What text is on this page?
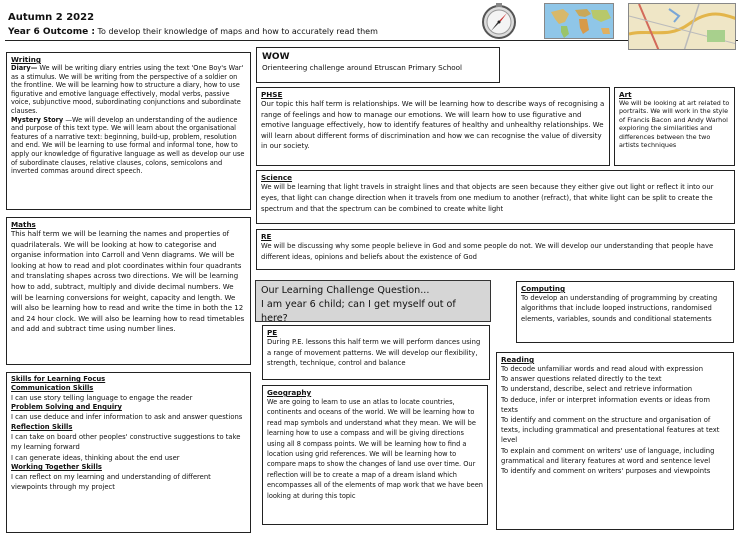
Autumn 2 2022
Year 6 Outcome : To develop their knowledge of maps and how to accurately read them
Writing
Diary— We will be writing diary entries using the text 'One Boy's War' as a stimulus. We will be writing from the perspective of a soldier on the frontline. We will be learning how to structure a diary, how to use figurative and emotive language effectively, modal verbs, passive voice, subjunctive mood, subordinating conjunctions and subordinate clauses.
Mystery Story —We will develop an understanding of the audience and purpose of this text type. We will learn about the organisational features of a narrative text: beginning, build-up, problem, resolution and end. We will be learning to use formal and informal tone, how to apply our knowledge of figurative language as well as develop our use of subordinate clauses, relative clauses, colons, semicolons and inverted commas around direct speech.
WOW
Orienteering challenge around Etruscan Primary School
PHSE
Our topic this half term is relationships. We will be learning how to describe ways of recognising a range of feelings and how to manage our emotions. We will learn how to use figurative and emotive language effectively, how to identify features of healthy and unhealthy relationships. We will learn about different forms of discrimination and how we can recognise the value of diversity in our society.
Art
We will be looking at art related to portraits. We will work in the style of Francis Bacon and Andy Warhol exploring the similarities and differences between the two artists techniques
Science
We will be learning that light travels in straight lines and that objects are seen because they either give out light or reflect it into our eyes, that light can change direction when it travels from one medium to another (refract), that white light can be split to create the spectrum and that the spectrum can be combined to create white light
RE
We will be discussing why some people believe in God and some people do not. We will develop our understanding that people have different ideas, opinions and beliefs about the existence of God
Maths
This half term we will be learning the names and properties of quadrilaterals. We will be looking at how to categorise and organise information into Carroll and Venn diagrams. We will be looking at how to read and plot coordinates within four quadrants and translating shapes across two directions. We will be learning how to add, subtract, multiply and divide decimal numbers. We will be learning conversions for weight, capacity and length. We will also be learning how to read and write the time in both the 12 and 24 hour clock. We will also be learning how to read timetables and add and subtract time using number lines.
Our Learning Challenge Question...
I am year 6 child; can I get myself out of here?
Computing
To develop an understanding of programming by creating algorithms that include looped instructions, randomised elements, variables, sounds and conditional statements
PE
During P.E. lessons this half term we will perform dances using a range of movement patterns. We will develop our flexibility, strength, technique, control and balance
Skills for Learning Focus
Communication Skills
I can use story telling language to engage the reader
Problem Solving and Enquiry
I can use deduce and infer information to ask and answer questions
Reflection Skills
I can take on board other peoples' constructive suggestions to take my learning forward
I can generate ideas, thinking about the end user
Working Together Skills
I can reflect on my learning and understanding of different viewpoints through my project
Geography
We are going to learn to use an atlas to locate countries, continents and oceans of the world. We will be learning how to read map symbols and understand what they mean. We will be learning how to use a compass and will be giving directions using all 8 compass points. We will be learning how to find a location using grid references. We will be learning how to compare maps to show the changes of land use over time. Our reflection will be to create a map of a dream island which encompasses all of the elements of map work that we have been looking at during this topic
Reading

To decode unfamiliar words and read aloud with expression

To answer questions related directly to the text

To understand, describe, select and retrieve information

To deduce, infer or interpret information events or ideas from texts

To identify and comment on the structure and organisation of texts, including grammatical and presentational features at text level

To explain and comment on writers' use of language, including grammatical and literary features at word and sentence level

To identify and comment on writers' purposes and viewpoints
